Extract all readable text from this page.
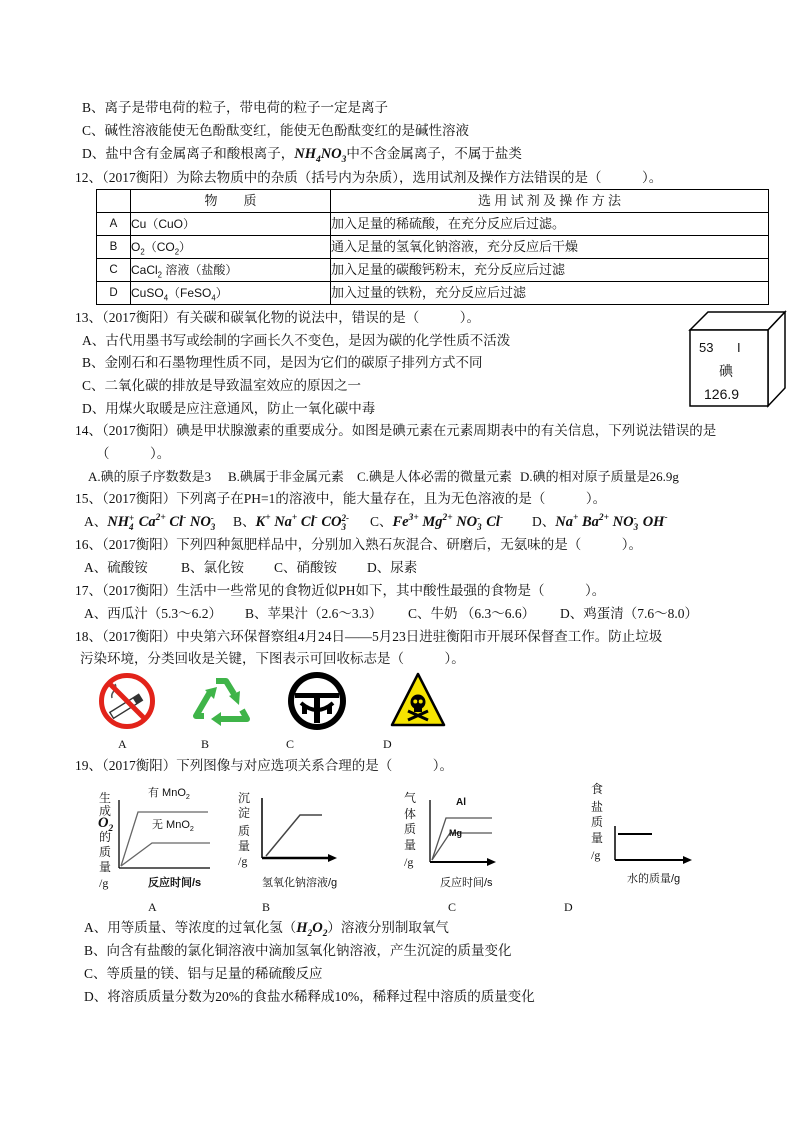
B、离子是带电荷的粒子，带电荷的粒子一定是离子
C、碱性溶液能使无色酚酞变红，能使无色酚酞变红的是碱性溶液
D、盐中含有金属离子和酸根离子，$NH_4NO_3$中不含金属离子，不属于盐类
12、（2017衡阳）为除去物质中的杂质（括号内为杂质），选用试剂及操作方法错误的是（　　　）。
	物　　质	选 用 试 剂 及 操 作 方 法
A	Cu（CuO）	加入足量的稀硫酸，在充分反应后过滤。
B	$O_2(CO_2)$	通入足量的氢氧化钠溶液，充分反应后干燥
C	CaCl$_2$ 溶液（盐酸）	加入足量的碳酸钙粉末，充分反应后过滤
D	CuSO$_4$（FeSO$_4$）	加入过量的铁粉，充分反应后过滤
13、（2017衡阳）有关碳和碳氧化物的说法中，错误的是（　　　）。
A、古代用墨书写或绘制的字画长久不变色，是因为碳的化学性质不活泼
B、金刚石和石墨物理性质不同，是因为它们的碳原子排列方式不同
C、二氧化碳的排放是导致温室效应的原因之一
D、用煤火取暖是应注意通风，防止一氧化碳中毒
53 I
碘
126.9
14、（2017衡阳）碘是甲状腺激素的重要成分。如图是碘元素在元素周期表中的有关信息，下列说法错误的是
（　　　）。
A.碘的原子序数数是3 B.碘属于非金属元素 C.碘是人体必需的微量元素 D.碘的相对原子质量是26.9g
15、（2017衡阳）下列离子在PH=1的溶液中，能大量存在，且为无色溶液的是（　　　）。
A、NH +
4 $Ca^{2+}$ Cl- NO -
3 B、K+ Na+ Cl- CO 2-
3 C、$Fe^{3+}$ $Mg^{2+}$ NO -
3 Cl- D、Na+ $Ba^{2+}$ NO -
3 OH-
16、（2017衡阳）下列四种氮肥样品中，分别加入熟石灰混合、研磨后，无氨味的是（　　　）。
A、硫酸铵 B、氯化铵 C、硝酸铵 D、尿素
17、（2017衡阳）生活中一些常见的食物近似PH如下，其中酸性最强的食物是（　　　）。
A、西瓜汁（5.3～6.2） B、苹果汁（2.6～3.3） C、牛奶 （6.3～6.6） D、鸡蛋清（7.6～8.0）
18、（2017衡阳）中央第六环保督察组4月24日——5月23日进驻衡阳市开展环保督查工作。防止垃圾
污染环境，分类回收是关键，下图表示可回收标志是（　　　）。
A	B	C	D
19、（2017衡阳）下列图像与对应选项关系合理的是（　　　）。
生
成
$O_2$
的
质
量
/g
有 MnO$_2$
无 MnO$_2$
反应时间/s
沉
淀
质
量
/g
氢氧化钠溶液/g
气
体
质
量
/g
Al
Mg
反应时间/s
食
盐
质
量
/g
水的质量/g
A	B	C	D
A、用等质量、等浓度的过氧化氢$(H_2O_2)$溶液分别制取氧气
B、向含有盐酸的氯化铜溶液中滴加氢氧化钠溶液，产生沉淀的质量变化
C、等质量的镁、铝与足量的稀硫酸反应
D、将溶质质量分数为20%的食盐水稀释成10%，稀释过程中溶质的质量变化
